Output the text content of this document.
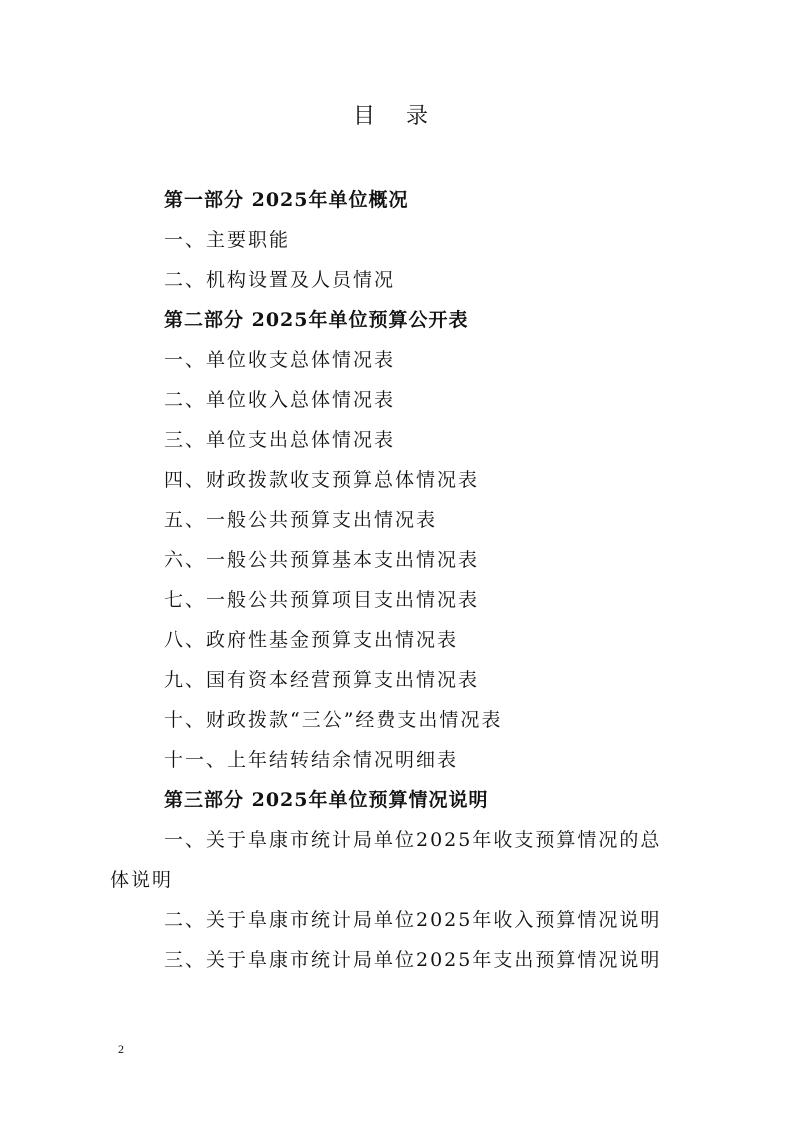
目 录
第一部分 2025年单位概况
一、主要职能
二、机构设置及人员情况
第二部分 2025年单位预算公开表
一、单位收支总体情况表
二、单位收入总体情况表
三、单位支出总体情况表
四、财政拨款收支预算总体情况表
五、一般公共预算支出情况表
六、一般公共预算基本支出情况表
七、一般公共预算项目支出情况表
八、政府性基金预算支出情况表
九、国有资本经营预算支出情况表
十、财政拨款“三公”经费支出情况表
十一、上年结转结余情况明细表
第三部分 2025年单位预算情况说明
一、关于阜康市统计局单位2025年收支预算情况的总
体说明
二、关于阜康市统计局单位2025年收入预算情况说明
三、关于阜康市统计局单位2025年支出预算情况说明
2
